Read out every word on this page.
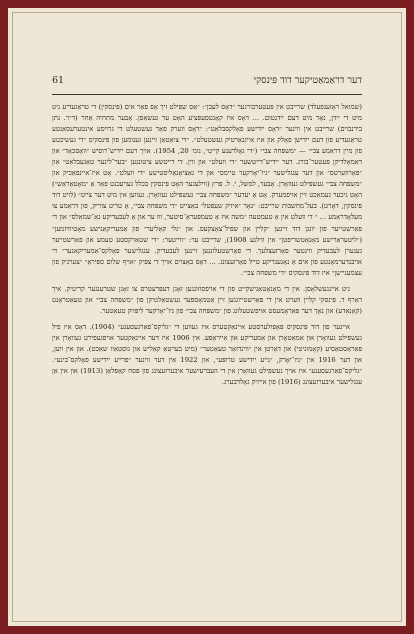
61	דער דראַמאַטיקער דוד פּינסקי

(שמואל ראָזענפעלד) שרייבט אין פּעטערבורגער ״דאָס לעבן״: ״אַס שפּילט זיך אָפּ פאַר אים (פּינסקין) די טראַגעדיע ניט מיט די ייִדן, נאָר מיט דעם ייִדנטום. ... דאָס איז קאָנטסעפּציע האָט ער געשאַפן. אָבער מתחיה אַחר (ד״ר. נתן בירנבוים) שרייבט אין ווינער ״דאָס ייִדישע פאָלקסבלאַט״: ״דאָס ווערק פאַר געשטעלט די גרויסע אינטערעסאַנטע טראַגעדיע פון דעם ייִדישן פאָלק און איז אייגנאַרטיק געשטעלט״. ״די ציִאַטאַן זיינען גענומען פון פּינסקיס ״די געשיכטע פון מיין דראַמע צבי״ — ״משפּחה צבי״ (״די גאָלדענע קייט״, נומ׳ 20, 1954). אויך דעם יידיש־רוסיש ״וואָסכאָד״ און דאַמאָלדיקן פּעטער־בורג. דער יידיש־דייטשער ״די וועלט״ און ווין. די דייטשע ציטונגען ״בער־לינער טאַגעבלאַט״ און ״פאָרווערטס״ און דער ענגלישער ״ניו־יאָרקער טיימס״ און די נאַציאָנאַליסטישע ״די וועלט״. אָט איז־איינפאַכיק און ״משפּחה צבי״ געשפּילט געוואָרן. אָבער, למשל, י. ל. פּרץ (ווילעגער האָט פּינסקין בכלל גערעכנט פאַר אַ ״מאָטאַראַש״) האָט גיכער געמאַכט זיין אויפמערק. אָט אַ יעדער ״משפּחה צבי״ געשפּילט געוואָרן. געווען אין מיט דער צייט״ (לויט דוד פּינסקין, דאָרט). בעל־מחשבות שרייבט: ״נאָר ״איזיק שעפּטל״ באַצייט ״די משפּחה צבי״, אַ טריט צוריק, פון דראַמע צו מעלאָדראַמע ... ״ די וועלט אין אַ טעמטעה ״משה איז אַ טעמפּעראַ־סיטער, וווּ ער און אַ לעבעדיקע נאַ־שמאַלס״ און די פּאַרשטייער פון יונגן דוד זיינען ״קלײן און שפּיל־צאָצקעס. און ״גלי קאָליער״ פון אַמעריקאַנישע מאָטיוויזמען״ (״ליטעראַרישע מאָנאַטשריפטן״ אין ווילנע 1908), שרייבט ער: ״ווייטער: ״די שטאַרקסטע טעמע און פאַרשטייער גענערן לעבעדיק ווינטער פאָרזעצלעך. די פאָרשטעלונגען זיינען לעבעדיק. ענגלישער פאָלקס־אַמעריקאַנער״ די אויבנדערמאָנטע פון אים אַ נאָגענדיקע טייל פאָרזעצונג. ... דאָס באַצוים אויך די צפּיק ״אויף שלום ספּיראָ״ ״צערניק פון עצמעניישן״ איז דוד פּינסקיס ״די משפּחה צבי״.

ניט איינגעשלאָסן. אין די מאָנאָטאַנישקייט פון די אויפסוזונגען זאָגן דעפּרעטרס צו זאָגן שטרענגער קריטיק. איך דאַרף ד. פּינסקי קליין ווערט אין די פּאַרשטייונגען זיין אַטמאָספער געשטאַלטיקן פון ״משפּחה צבי״ און טעאַטראָנט (קאָנאַדע) און נאָך דער פּאַראָמעסט אויפשטעלונג פון ״משפּחה צבי״ פון ניו־יאָרקער ליפּזיק טעאַטער.

איינער פון דוד פּינסקיס פּאָפּולערסטע איינאַקטערס איז געווען די ״גליקס־פאַרגעסענע״ (1904). דאָס איז פיל געשפּילט געוואָרן און אַמאַטאָרן און אַמעריקע און אייראָפּע. אין 1906 איז דער איינאַקטער אויפגעפירט געוואָרן אין פּאַראַסטאַסיע (קאָמוניטי) און דאָרטן אין ״ווינדזאָר טעאַטער״ (מיט בערטאַ קאַליש און גוסטאַוו שאַכט). און אין ווען, און דער 1916 אין ״ניו־יאָרק, ״נייע ייִדישע טרופּע״, און 1922 אין דער ווינער ״פרייע ייִדישע פאָלקס־בינע״. ״גליקס־פאַרגעסענע״ איז אויך געשפּילט געוואָרן אין די העברעיִשער איבערזעצונג פון פּסח קאַפּלאַן (1913) און אין אַן ענגלישער איבערזעצונג (1916) פון אייזיק גאָלדבערג.
